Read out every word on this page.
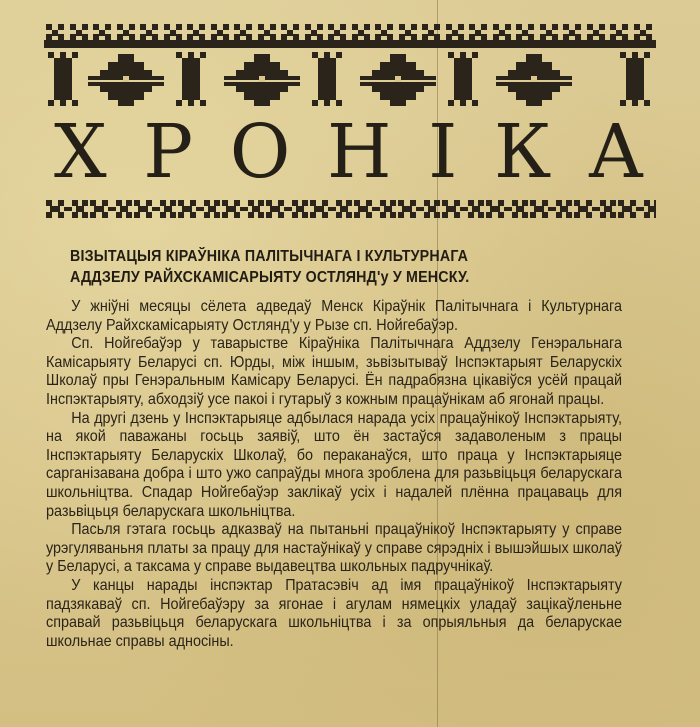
Х Р О Н І К А
ВІЗЫТАЦЫЯ КІРАЎНІКА ПАЛІТЫЧНАГА І КУЛЬТУРНАГА
АДДЗЕЛУ РАЙХСКАМІСАРЫЯТУ ОСТЛЯНД'у У МЕНСКУ.

У жніўні месяцы сёлета адведаў Менск Кіраўнік Палітычнага і Культурнага Аддзелу Райхскамісарыяту Остлянд'у у Рызе сп. Нойгебаўэр.

Сп. Нойгебаўэр у таварыстве Кіраўніка Палітычнага Аддзелу Генэральнага Камісарыяту Беларусі сп. Юрды, між іншым, зьвізытываў Інспэктарыят Беларускіх Школаў пры Генэральным Камісару Беларусі. Ён падрабязна цікавіўся усёй працай Інспэктарыяту, абходзіў усе пакоі і гутарыў з кожным працаўнікам аб ягонай працы.

На другі дзень у Інспэктарыяце адбылася нарада усіх працаўнікоў Інспэктарыяту, на якой паважаны госьць заявіў, што ён застаўся задаволеным з працы Інспэктарыяту Беларускіх Школаў, бо пераканаўся, што праца у Інспэктарыяце сарганізавана добра і што ужо сапраўды многа зроблена для разьвіцьця беларускага школьніцтва. Спадар Нойгебаўэр заклікаў усіх і надалей плённа працаваць для разьвіцьця беларускага школьніцтва.

Пасьля гэтага госьць адказваў на пытаньні працаўнікоў Інспэктарыяту у справе урэгуляваньня платы за працу для настаўнікаў у справе сярэдніх і вышэйшых школаў у Беларусі, а таксама у справе выдавецтва школьных падручнікаў.

У канцы нарады інспэктар Пратасэвіч ад імя працаўнікоў Інспэктарыяту падзякаваў сп. Нойгебаўэру за ягонае і агулам нямецкіх уладаў зацікаўленьне справай разьвіцьця беларускага школьніцтва і за опрыяльныя да беларускае школьнае справы адносіны.
